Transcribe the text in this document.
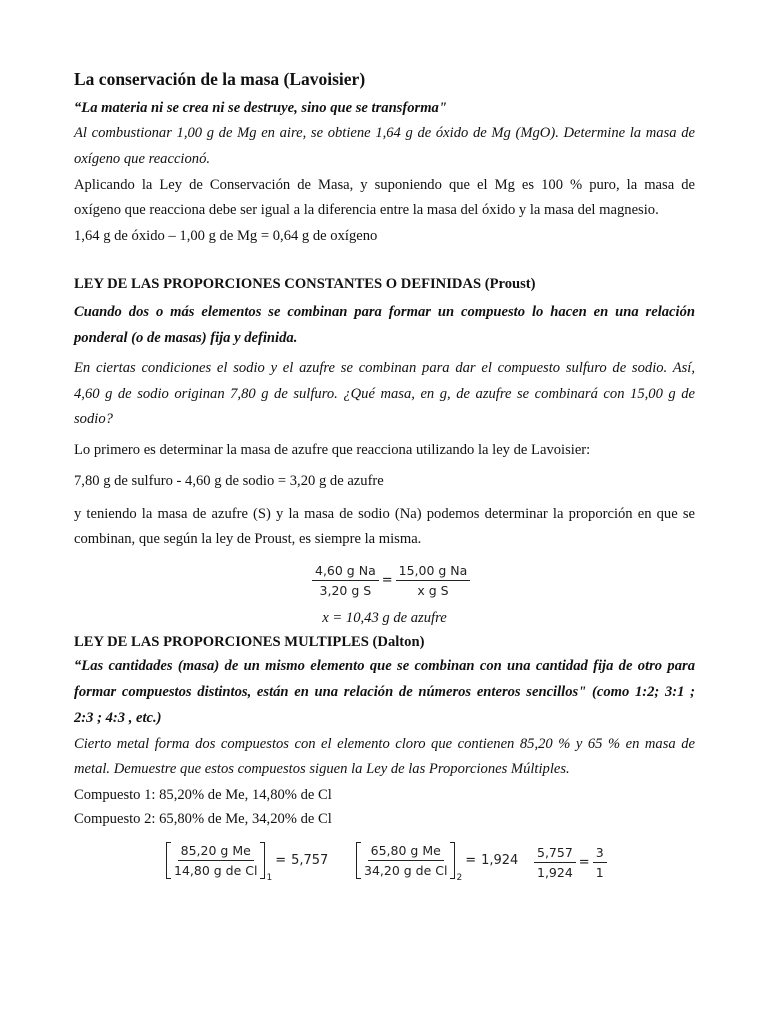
La conservación de la masa (Lavoisier)
“La materia ni se crea ni se destruye, sino que se transforma"
Al combustionar 1,00 g de Mg en aire, se obtiene 1,64 g de óxido de Mg (MgO). Determine la masa de
oxígeno que reaccionó.
Aplicando la Ley de Conservación de Masa, y suponiendo que el Mg es 100 % puro, la masa de
oxígeno que reacciona debe ser igual a la diferencia entre la masa del óxido y la masa del magnesio.
1,64 g de óxido – 1,00 g de Mg = 0,64 g de oxígeno
LEY DE LAS PROPORCIONES CONSTANTES O DEFINIDAS (Proust)
Cuando dos o más elementos se combinan para formar un compuesto lo hacen en una relación
ponderal (o de masas) fija y definida.
En ciertas condiciones el sodio y el azufre se combinan para dar el compuesto sulfuro de sodio. Así,
4,60 g de sodio originan 7,80 g de sulfuro. ¿Qué masa, en g, de azufre se combinará con 15,00 g de
sodio?
Lo primero es determinar la masa de azufre que reacciona utilizando la ley de Lavoisier:
7,80 g de sulfuro - 4,60 g de sodio = 3,20 g de azufre
y teniendo la masa de azufre (S) y la masa de sodio (Na) podemos determinar la proporción en que se
combinan, que según la ley de Proust, es siempre la misma.
$\frac{\text{4,60 g Na}}{\text{3,20 g S}} = \frac{\text{15,00 g Na}}{\text{x g S}}$
x = 10,43 g de azufre
LEY DE LAS PROPORCIONES MULTIPLES (Dalton)
“Las cantidades (masa) de un mismo elemento que se combinan con una cantidad fija de otro para
formar compuestos distintos, están en una relación de números enteros sencillos" (como 1:2; 3:1 ;
2:3 ; 4:3 , etc.)
Cierto metal forma dos compuestos con el elemento cloro que contienen 85,20 % y 65 % en masa de
metal. Demuestre que estos compuestos siguen la Ley de las Proporciones Múltiples.
Compuesto 1: 85,20% de Me, 14,80% de Cl
Compuesto 2: 65,80% de Me, 34,20% de Cl
$\frac{\text{85,20 g Me}}{\text{14,80 g de Cl}} 1$
= 5,757	$\frac{\text{65,80 g Me}}{\text{34,20 g de Cl}} 2$
= $1,924 \frac{5,757}{1,924} = \frac{3}{1}$
